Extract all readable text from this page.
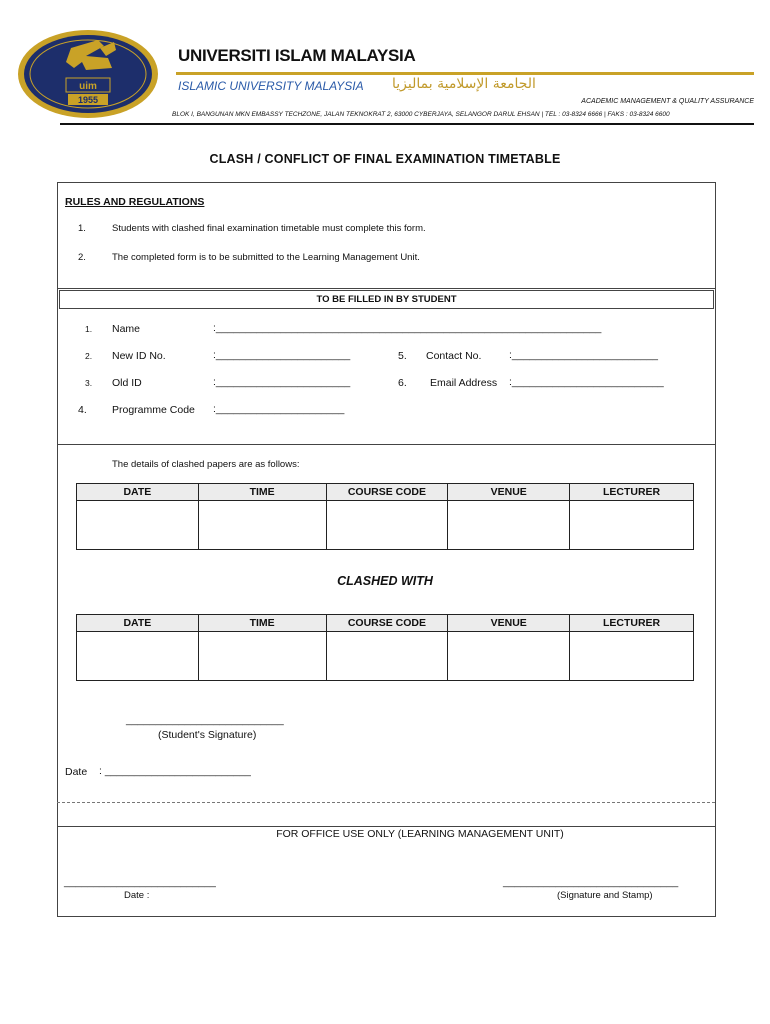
uim
1955
UNIVERSITI ISLAM MALAYSIA
ISLAMIC UNIVERSITY MALAYSIA الجامعة الإسلامية بماليزيا
ACADEMIC MANAGEMENT & QUALITY ASSURANCE
BLOK I, BANGUNAN MKN EMBASSY TECHZONE, JALAN TEKNOKRAT 2, 63000 CYBERJAYA, SELANGOR DARUL EHSAN | TEL : 03-8324 6666 | FAKS : 03-8324 6600
CLASH / CONFLICT OF FINAL EXAMINATION TIMETABLE
RULES AND REGULATIONS
1.	Students with clashed final examination timetable must complete this form.
2.	The completed form is to be submitted to the Learning Management Unit.
TO BE FILLED IN BY STUDENT
1. Name	:__________________________________________________________________
2. New ID No.	:_______________________	5. Contact No.	:_________________________
3. Old ID	:_______________________	6. Email Address :__________________________
4. Programme Code :______________________
The details of clashed papers are as follows:
DATE	TIME	COURSE CODE	VENUE	LECTURER

CLASHED WITH
DATE	TIME	COURSE CODE	VENUE	LECTURER

___________________________
(Student's Signature)
Date : _________________________
FOR OFFICE USE ONLY (LEARNING MANAGEMENT UNIT)
__________________________
Date :
______________________________
(Signature and Stamp)
